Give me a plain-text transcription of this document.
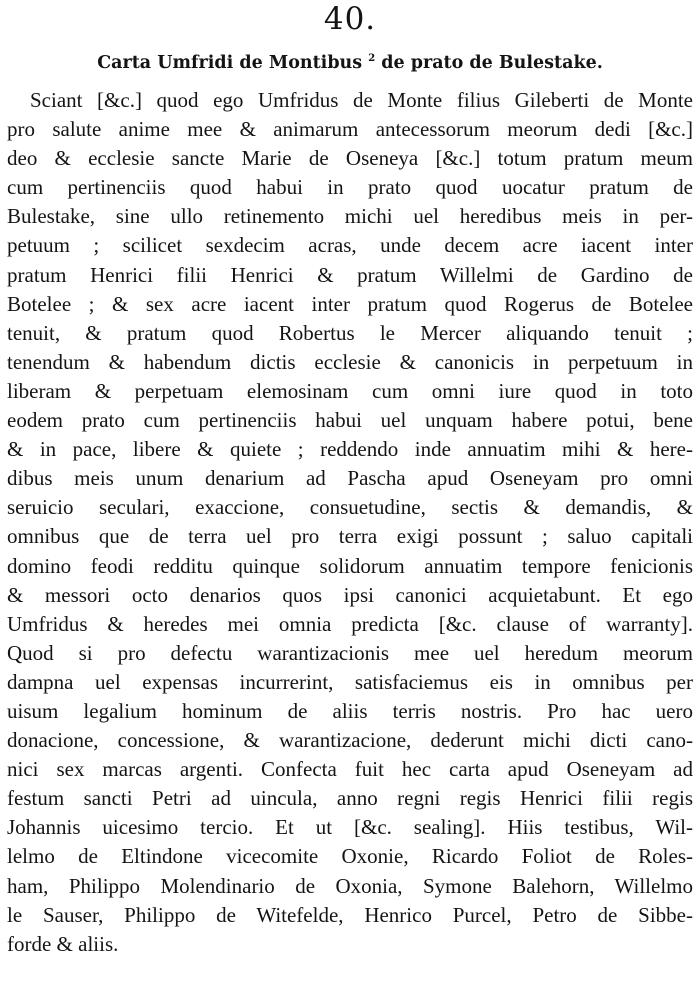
40.
Carta Umfridi de Montibus $^2$ de prato de Bulestake.
Sciant [&c.] quod ego Umfridus de Monte filius Gileberti de Monte
pro salute anime mee & animarum antecessorum meorum dedi [&c.]
deo & ecclesie sancte Marie de Oseneya [&c.] totum pratum meum
cum pertinenciis quod habui in prato quod uocatur pratum de
Bulestake, sine ullo retinemento michi uel heredibus meis in per-
petuum ; scilicet sexdecim acras, unde decem acre iacent inter
pratum Henrici filii Henrici & pratum Willelmi de Gardino de
Botelee ; & sex acre iacent inter pratum quod Rogerus de Botelee
tenuit, & pratum quod Robertus le Mercer aliquando tenuit ;
tenendum & habendum dictis ecclesie & canonicis in perpetuum in
liberam & perpetuam elemosinam cum omni iure quod in toto
eodem prato cum pertinenciis habui uel unquam habere potui, bene
& in pace, libere & quiete ; reddendo inde annuatim mihi & here-
dibus meis unum denarium ad Pascha apud Oseneyam pro omni
seruicio seculari, exaccione, consuetudine, sectis & demandis, &
omnibus que de terra uel pro terra exigi possunt ; saluo capitali
domino feodi redditu quinque solidorum annuatim tempore fenicionis
& messori octo denarios quos ipsi canonici acquietabunt. Et ego
Umfridus & heredes mei omnia predicta [&c. clause of warranty].
Quod si pro defectu warantizacionis mee uel heredum meorum
dampna uel expensas incurrerint, satisfaciemus eis in omnibus per
uisum legalium hominum de aliis terris nostris. Pro hac uero
donacione, concessione, & warantizacione, dederunt michi dicti cano-
nici sex marcas argenti. Confecta fuit hec carta apud Oseneyam ad
festum sancti Petri ad uincula, anno regni regis Henrici filii regis
Johannis uicesimo tercio. Et ut [&c. sealing]. Hiis testibus, Wil-
lelmo de Eltindone vicecomite Oxonie, Ricardo Foliot de Roles-
ham, Philippo Molendinario de Oxonia, Symone Balehorn, Willelmo
le Sauser, Philippo de Witefelde, Henrico Purcel, Petro de Sibbe-
forde & aliis.
